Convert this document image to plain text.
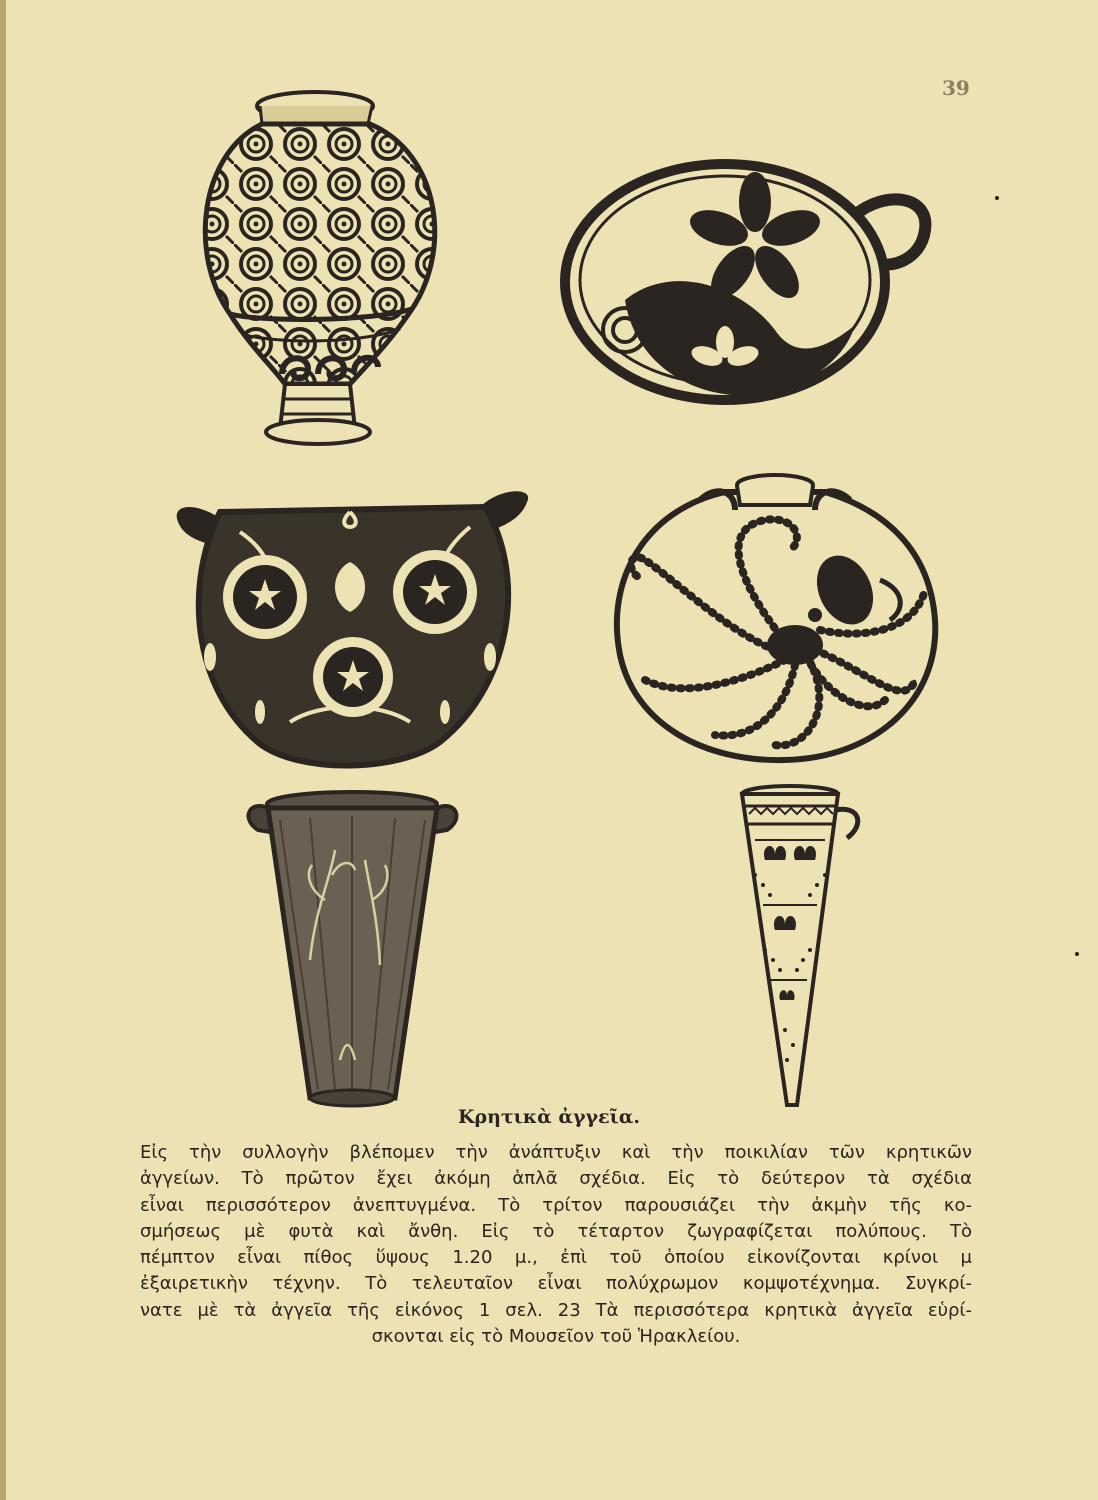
39
Κρητικὰ ἀγγεῖα.
Εἰς τὴν συλλογὴν βλέπομεν τὴν ἀνάπτυξιν καὶ τὴν ποικιλίαν τῶν κρητικῶν
ἀγγείων. Τὸ πρῶτον ἔχει ἀκόμη ἁπλᾶ σχέδια. Εἰς τὸ δεύτερον τὰ σχέδια
εἶναι περισσότερον ἀνεπτυγμένα. Τὸ τρίτον παρουσιάζει τὴν ἀκμὴν τῆς κο-
σμήσεως μὲ φυτὰ καὶ ἄνθη. Εἰς τὸ τέταρτον ζωγραφίζεται πολύπους. Τὸ
πέμπτον εἶναι πίθος ὕψους 1.20 μ., ἐπὶ τοῦ ὁποίου εἰκονίζονται κρίνοι μ
ἐξαιρετικὴν τέχνην. Τὸ τελευταῖον εἶναι πολύχρωμον κομψοτέχνημα. Συγκρί-
νατε μὲ τὰ ἀγγεῖα τῆς εἰκόνος 1 σελ. 23 Τὰ περισσότερα κρητικὰ ἀγγεῖα εὑρί-
σκονται εἰς τὸ Μουσεῖον τοῦ Ἡρακλείου.
